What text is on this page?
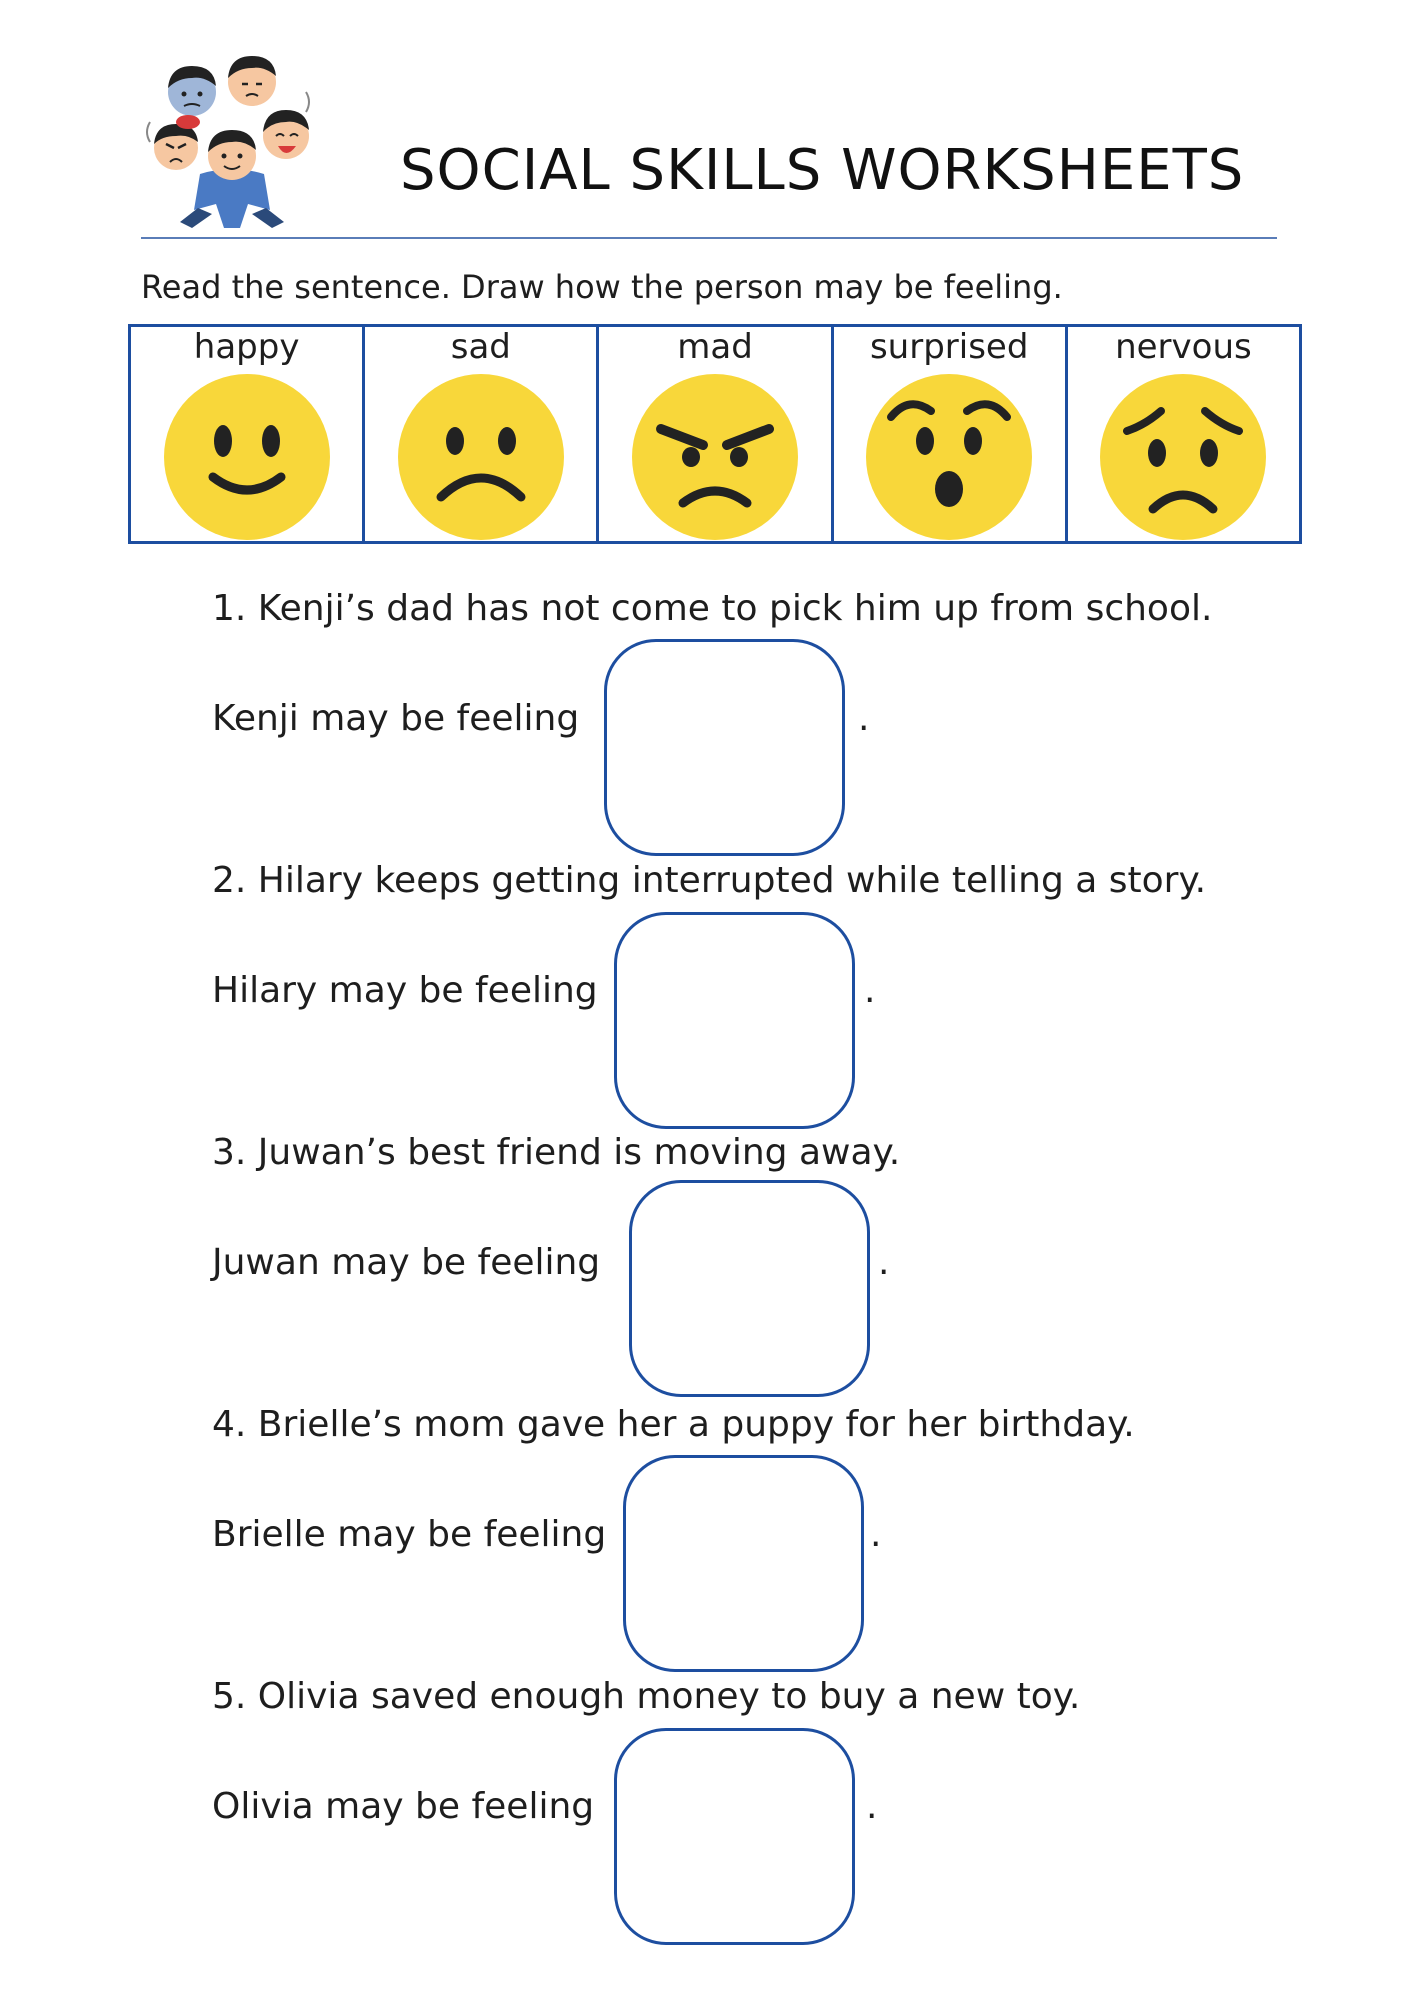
SOCIAL SKILLS WORKSHEETS
Read the sentence. Draw how the person may be feeling.
happy	sad	mad	surprised	nervous
1. Kenji’s dad has not come to pick him up from school.
Kenji may be feeling	.
2. Hilary keeps getting interrupted while telling a story.
Hilary may be feeling	.
3. Juwan’s best friend is moving away.
Juwan may be feeling	.
4. Brielle’s mom gave her a puppy for her birthday.
Brielle may be feeling	.
5. Olivia saved enough money to buy a new toy.
Olivia may be feeling	.
